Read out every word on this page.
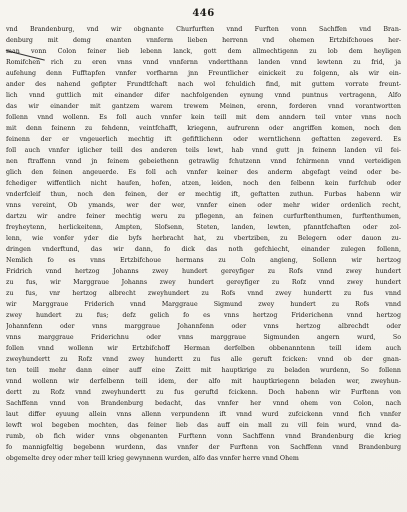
446
vnd Brandenburg, vnd wir obgnante Churfurften vnnd Furften vonn Sachffen vnd Bran-
denburg mit demg enanten vnnferm lieben herrenn vnd ohemen Ertzbifchoues her-
man vonn Colon feiner lieb lebenn lanck, gott dem allmechtigenn zu lob dem heyligen
Romifchen rich zu eren vnns vnnd vnnfernn vndertthann landen vnnd lewtenn zu frid, ja
aufehung denn Fufftapfen vnnfer vorfharnn jnn Freuntlicher einickeit zu folgenn, als wir ein-
ander des nahend gefipter Frundtfchaft nach wol fchuldich find, mit guttem vorrate freunt-
lich vnnd guttlich mit einander difer nachfolgenden eynung vnnd puntnus vertragenn, Alfo
das wir einander mit gantzem warem trewem Meinen, erenn, forderen vnnd vorantwortten
follenn vnnd wollenn. Es foll auch vnnfer kein teill mit dem anndern teil vnter vnns noch
mit denn feinenn zu fehdenn, veintfchafft, kriegenn, aufrurenn oder angriffen komen, noch den
feinenn der er vngeuerlich mechtig ift gefiftlichenn oder werntlichenn geftatten zegeverd. Es
foll auch vnnfer iglicher teill des anderen teils lewt, hab vnnd gutt jn feinenn landen vil fei-
nen ftraffenn vnnd jn feinem gebeiethenn getrawlig fchutzenn vnnd fchirmenn vnnd verteidigen
glich den feinen angeuerde. Es foll ach vnnfer keiner des anderm abgefagt veind oder be-
fchediger wiffentlich nicht haufen, hofen, atzen, leiden, noch den felbenn kein furfchub oder
vnderfcleif thun, noch den feinen, der er mechtig ift, geftatten zuthun. Furbas habenn wir
vnns vereint, Ob ymands, wer der wer, vnnfer einen oder mehr wider ordenlich recht,
dartzu wir andre feiner mechtig weru zu pflegenn, an feinen curfurftenthumen, furftenthumen,
freyheytenn, herlickeitenn, Ampten, Slofsenn, Steten, landen, lewten, pfanntfchaften oder zol-
lenn, wie vonfer yder die byfs herbracht hat, zu vbertziben, zu Belegern oder dauon zu-
dringen vnderftund, das wir dann, fo dick das noth gefchiecht, einander zulegen follenn,
Nemlich fo es vnns Ertzbifchoue hermans zu Coln angieng, Sollenn wir hertzog
Fridrich vnnd hertzog Johanns zwey hundert gereyfiger zu Rofs vnnd zwey hundert
zu fus, wir Marggraue Johanns zwey hundert gereyfiger zu Rofz vnnd zwey hundert
zu fus, vnr hertzog albrecht zweyhundert zu Rofs vnnd zwey hundertt zu fus vnnd
wir Marggraue Friderich vnnd Marggraue Sigmund zwey hundert zu Rofs vnnd
zwey hundert zu fus; defz gelich fo es vnns hertzog Friderichenn vnnd hertzog
Johannfenn oder vnns marggraue Johannfenn oder vnns hertzog albrechdt oder
vnns marggraue Friderichnu oder vnns marggraue Sigmunden angern wurd, So
follen vnnd wollenn wir Ertzbifchoff Herman derfelben obbenanntenn teill idem auch
zweyhundertt zu Rofz vnnd zwey hundertt zu fus alle geruft fcicken: vnnd ob der gnan-
ten teill mehr dann einer auff eine Zeitt mit hauptkrige zu beladen wurdenn, So follenn
vnnd wollenn wir derfelbenn teill idem, der alfo mit hauptkriegenn beladen wer, zweyhun-
dertt zu Rofz vnnd zweyhundertt zu fus geruftd fcickenn. Doch habenn wir Furftenn von
Sachffenn vnnd von Brandenburg bedacht, das vnnfer her vnnd ohem von Colon, nach
laut differ eyuung allein vnns allenn verpundenn ift vnnd wurd zufcickenn vnnd fich vnnfer
lewft wol begeben mochten, das feiner lieb das auff ein mall zu vill fein wurd, vnnd da-
rumb, ob fich wider vnns obgenanten Furftenn vonn Sachffenn vnnd Brandenburg die krieg
fo mannigfeltig begebenn wurdenn, das vnnfer der Furftenn von Sachffenn vnnd Brandenburg
obgemelte drey oder mher teill krieg gewynnenn wurden, alfo das vnnfer herre vnnd Ohem
